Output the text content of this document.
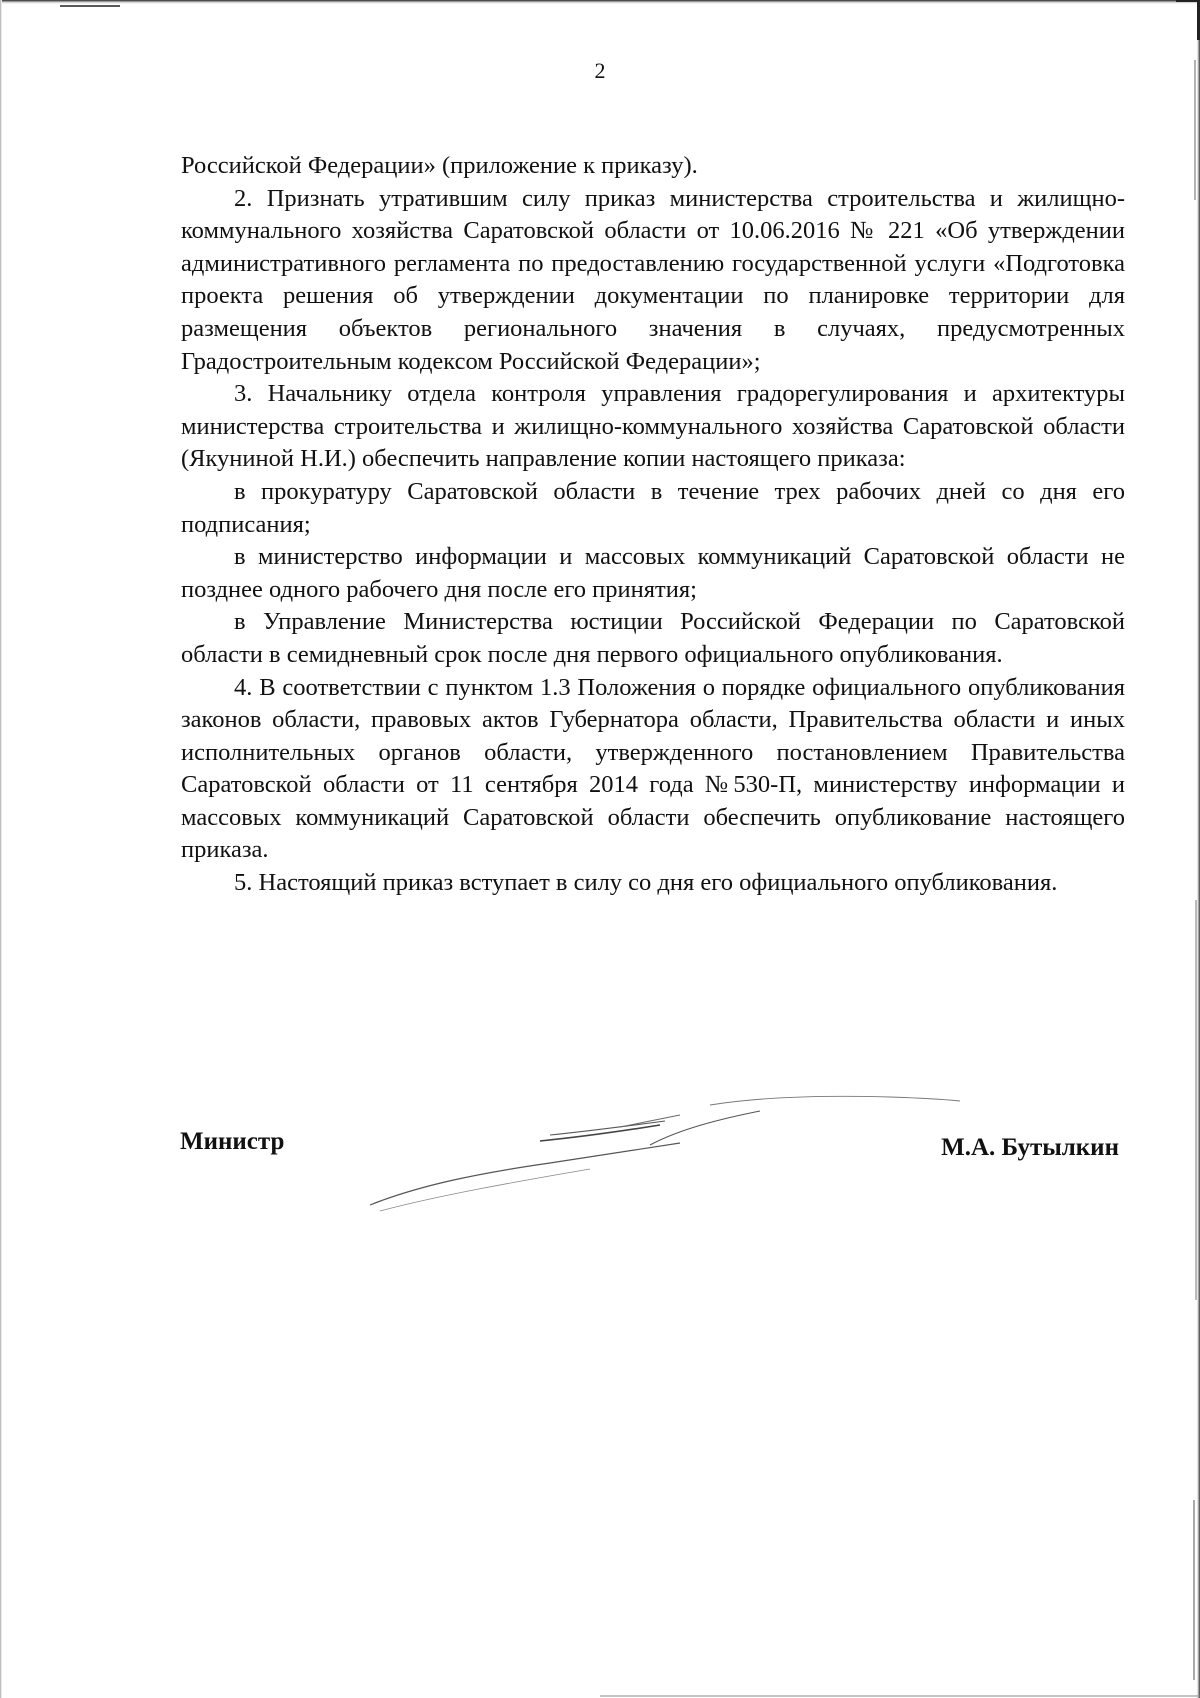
2

Российской Федерации» (приложение к приказу).

2. Признать утратившим силу приказ министерства строительства и жилищно-коммунального хозяйства Саратовской области от 10.06.2016 № 221 «Об утверждении административного регламента по предоставлению государственной услуги «Подготовка проекта решения об утверждении документации по планировке территории для размещения объектов регионального значения в случаях, предусмотренных Градостроительным кодексом Российской Федерации»;

3. Начальнику отдела контроля управления градорегулирования и архитектуры министерства строительства и жилищно-коммунального хозяйства Саратовской области (Якуниной Н.И.) обеспечить направление копии настоящего приказа:

в прокуратуру Саратовской области в течение трех рабочих дней со дня его подписания;

в министерство информации и массовых коммуникаций Саратовской области не позднее одного рабочего дня после его принятия;

в Управление Министерства юстиции Российской Федерации по Саратовской области в семидневный срок после дня первого официального опубликования.

4. В соответствии с пунктом 1.3 Положения о порядке официального опубликования законов области, правовых актов Губернатора области, Правительства области и иных исполнительных органов области, утвержденного постановлением Правительства Саратовской области от 11 сентября 2014 года №530-П, министерству информации и массовых коммуникаций Саратовской области обеспечить опубликование настоящего приказа.

5. Настоящий приказ вступает в силу со дня его официального опубликования.

Министр	М.А. Бутылкин
